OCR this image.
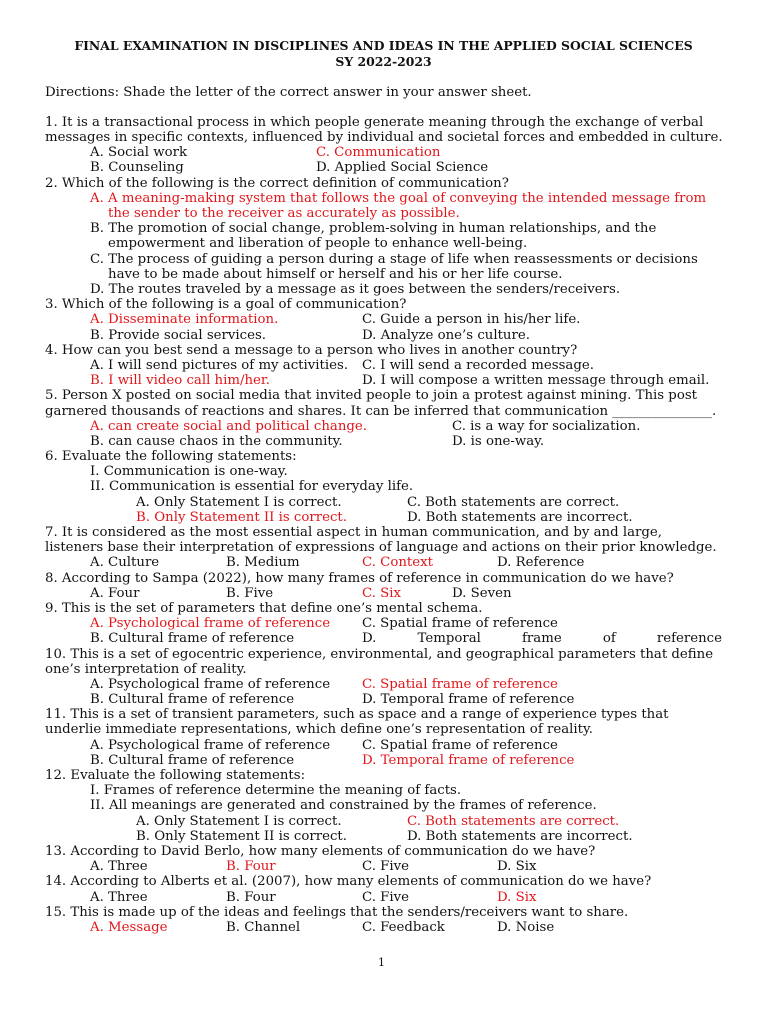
FINAL EXAMINATION IN DISCIPLINES AND IDEAS IN THE APPLIED SOCIAL SCIENCES
SY 2022-2023
Directions: Shade the letter of the correct answer in your answer sheet.
1. It is a transactional process in which people generate meaning through the exchange of verbal
messages in specific contexts, influenced by individual and societal forces and embedded in culture.
A. Social work	C. Communication
B. Counseling	D. Applied Social Science
2. Which of the following is the correct definition of communication?
A. A meaning-making system that follows the goal of conveying the intended message from
the sender to the receiver as accurately as possible.
B. The promotion of social change, problem-solving in human relationships, and the
empowerment and liberation of people to enhance well-being.
C. The process of guiding a person during a stage of life when reassessments or decisions
have to be made about himself or herself and his or her life course.
D. The routes traveled by a message as it goes between the senders/receivers.
3. Which of the following is a goal of communication?
A. Disseminate information.	C. Guide a person in his/her life.
B. Provide social services.	D. Analyze one’s culture.
4. How can you best send a message to a person who lives in another country?
A. I will send pictures of my activities. C. I will send a recorded message.
B. I will video call him/her.	D. I will compose a written message through email.
5. Person X posted on social media that invited people to join a protest against mining. This post
garnered thousands of reactions and shares. It can be inferred that communication _______________.
A. can create social and political change.	C. is a way for socialization.
B. can cause chaos in the community.	D. is one-way.
6. Evaluate the following statements:
I. Communication is one-way.
II. Communication is essential for everyday life.
A. Only Statement I is correct.	C. Both statements are correct.
B. Only Statement II is correct.	D. Both statements are incorrect.
7. It is considered as the most essential aspect in human communication, and by and large,
listeners base their interpretation of expressions of language and actions on their prior knowledge.
A. Culture	B. Medium	C. Context	D. Reference
8. According to Sampa (2022), how many frames of reference in communication do we have?
A. Four	B. Five	C. Six	D. Seven
9. This is the set of parameters that define one’s mental schema.
A. Psychological frame of reference C. Spatial frame of reference
B. Cultural frame of reference	D.	Temporal	frame	of	reference
10. This is a set of egocentric experience, environmental, and geographical parameters that define
one’s interpretation of reality.
A. Psychological frame of reference C. Spatial frame of reference
B. Cultural frame of reference	D. Temporal frame of reference
11. This is a set of transient parameters, such as space and a range of experience types that
underlie immediate representations, which define one’s representation of reality.
A. Psychological frame of reference C. Spatial frame of reference
B. Cultural frame of reference	D. Temporal frame of reference
12. Evaluate the following statements:
I. Frames of reference determine the meaning of facts.
II. All meanings are generated and constrained by the frames of reference.
A. Only Statement I is correct.	C. Both statements are correct.
B. Only Statement II is correct.	D. Both statements are incorrect.
13. According to David Berlo, how many elements of communication do we have?
A. Three	B. Four	C. Five	D. Six
14. According to Alberts et al. (2007), how many elements of communication do we have?
A. Three	B. Four	C. Five	D. Six
15. This is made up of the ideas and feelings that the senders/receivers want to share.
A. Message	B. Channel	C. Feedback	D. Noise
1
